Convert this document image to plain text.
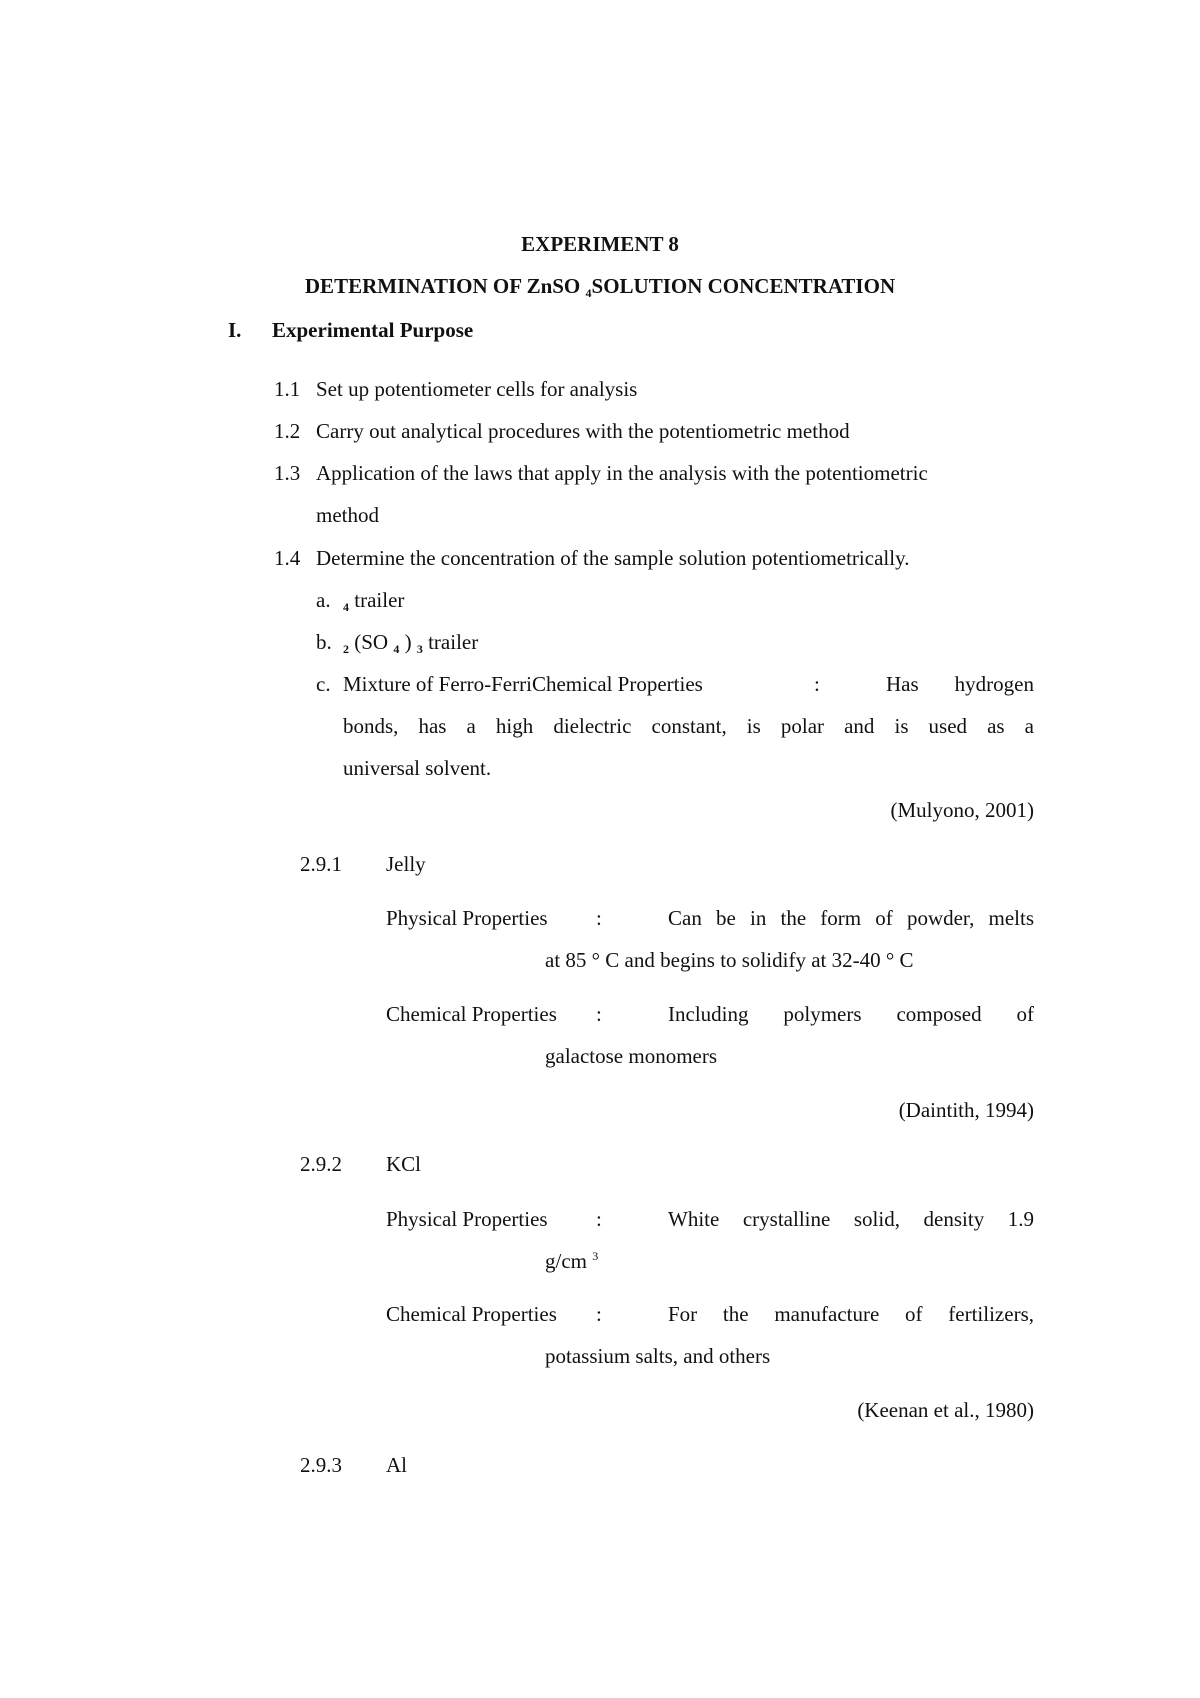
EXPERIMENT 8
DETERMINATION OF ZnSO $_4$SOLUTION CONCENTRATION
I. Experimental Purpose
1.1 Set up potentiometer cells for analysis
1.2 Carry out analytical procedures with the potentiometric method
1.3 Application of the laws that apply in the analysis with the potentiometric
method
1.4 Determine the concentration of the sample solution potentiometrically.
a. $_4$ trailer
b. $_2$ (SO $_4$ ) $_3$ trailer
c. Mixture of Ferro-FerriChemical Properties	:	Has hydrogen
bonds, has a high dielectric constant, is polar and is used as a
universal solvent.
(Mulyono, 2001)
2.9.1 Jelly
Physical Properties :	Can be in the form of powder, melts
at 85 ° C and begins to solidify at 32-40 ° C
Chemical Properties :	Including polymers composed of
galactose monomers
(Daintith, 1994)
2.9.2 KCl
Physical Properties :	White crystalline solid, density 1.9
g/cm $^3$
Chemical Properties :	For the manufacture of fertilizers,
potassium salts, and others
(Keenan et al., 1980)
2.9.3 Al
